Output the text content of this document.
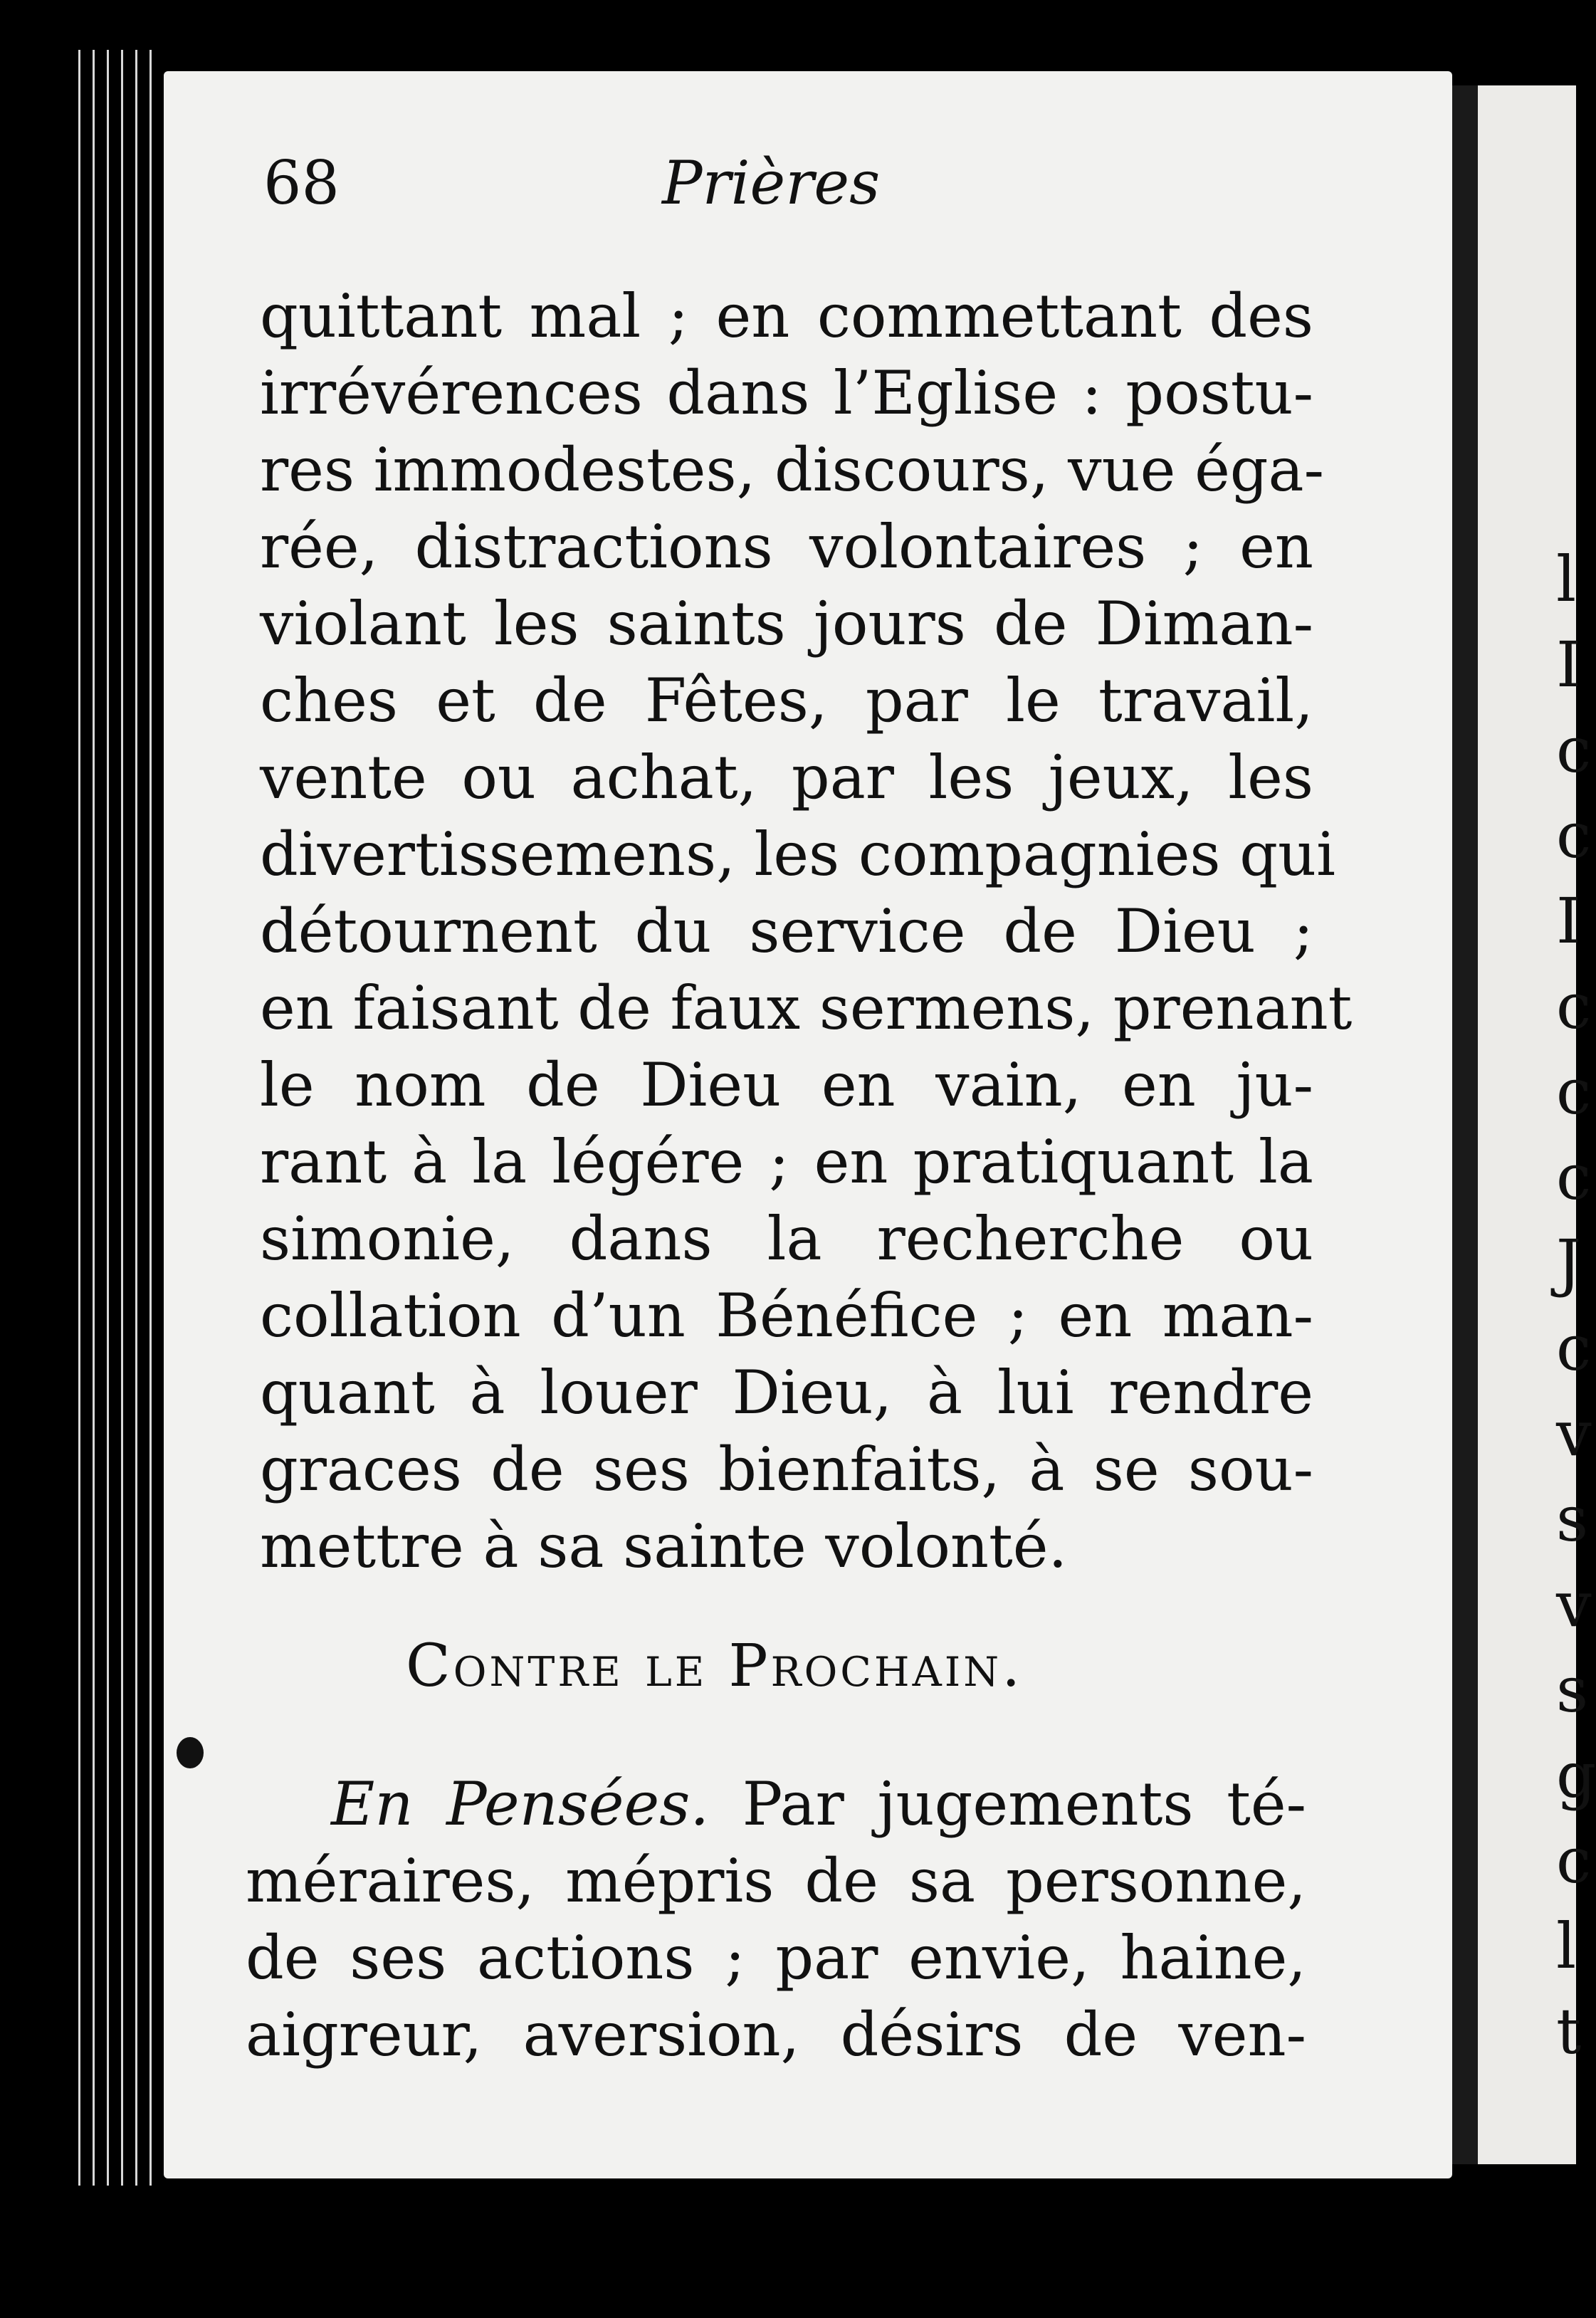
l
I
c
c
I
c
c
c
J
c
v
s
v
s
g
c
l
t
68	Prières
quittant mal ; en commettant des
irrévérences dans l’Eglise : postu-
res immodestes, discours, vue éga-
rée, distractions volontaires ; en
violant les saints jours de Diman-
ches et de Fêtes, par le travail,
vente ou achat, par les jeux, les
divertissemens, les compagnies qui
détournent du service de Dieu ;
en faisant de faux sermens, prenant
le nom de Dieu en vain, en ju-
rant à la légére ; en pratiquant la
simonie, dans la recherche ou
collation d’un Bénéfice ; en man-
quant à louer Dieu, à lui rendre
graces de ses bienfaits, à se sou-
mettre à sa sainte volonté.
Contre le Prochain.
En Pensées. Par jugements té-
méraires, mépris de sa personne,
de ses actions ; par envie, haine,
aigreur, aversion, désirs de ven-
